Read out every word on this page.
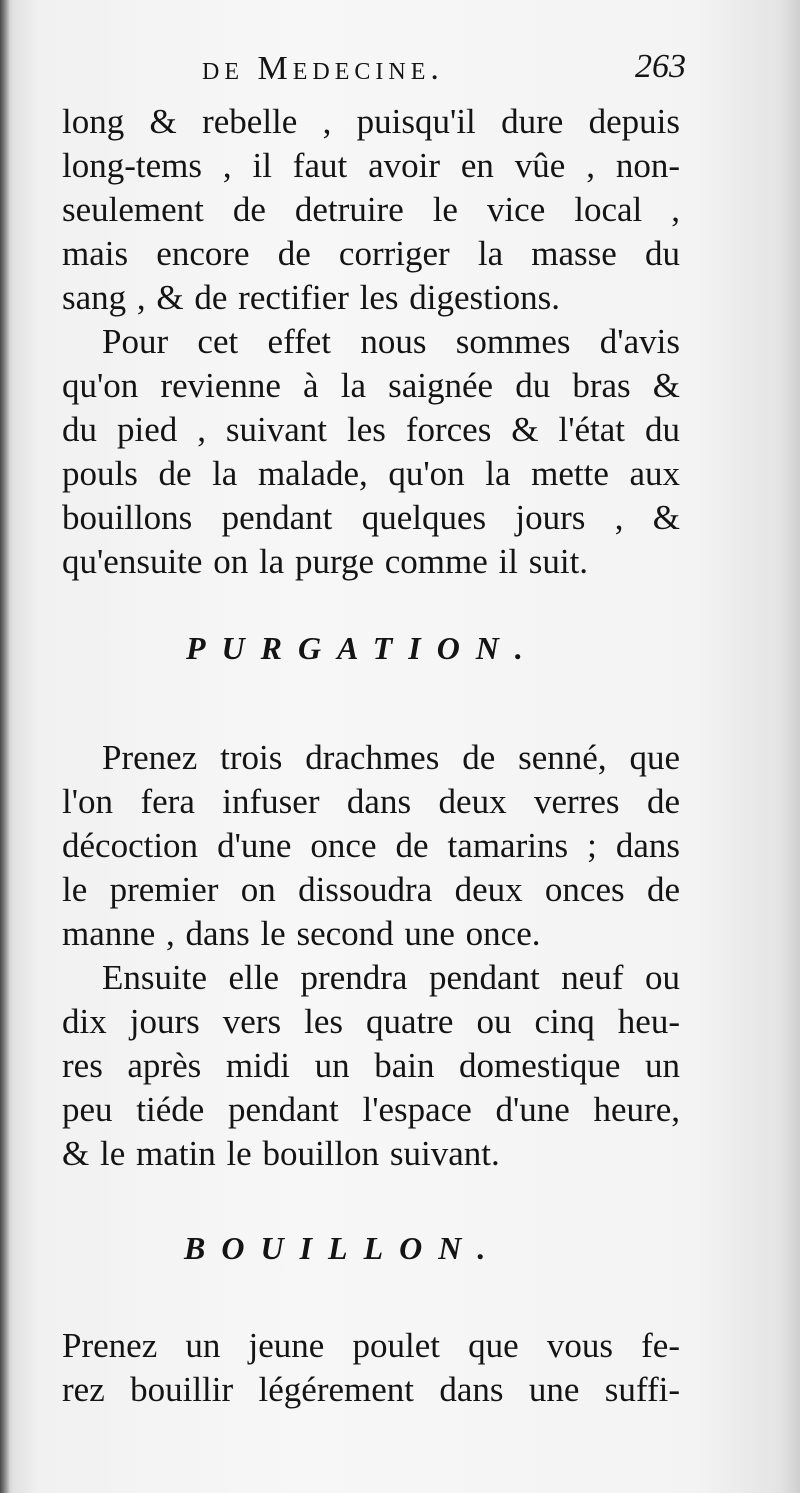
de Medecine.	263

long & rebelle , puisqu'il dure depuis
long-tems , il faut avoir en vûe , non-
seulement de detruire le vice local ,
mais encore de corriger la masse du
sang , & de rectifier les digestions.

Pour cet effet nous sommes d'avis
qu'on revienne à la saignée du bras &
du pied , suivant les forces & l'état du
pouls de la malade, qu'on la mette aux
bouillons pendant quelques jours , &
qu'ensuite on la purge comme il suit.

PURGATION.

Prenez trois drachmes de senné, que
l'on fera infuser dans deux verres de
décoction d'une once de tamarins ; dans
le premier on dissoudra deux onces de
manne , dans le second une once.

Ensuite elle prendra pendant neuf ou
dix jours vers les quatre ou cinq heu-
res après midi un bain domestique un
peu tiéde pendant l'espace d'une heure,
& le matin le bouillon suivant.

BOUILLON.

Prenez un jeune poulet que vous fe-
rez bouillir légérement dans une suffi-
